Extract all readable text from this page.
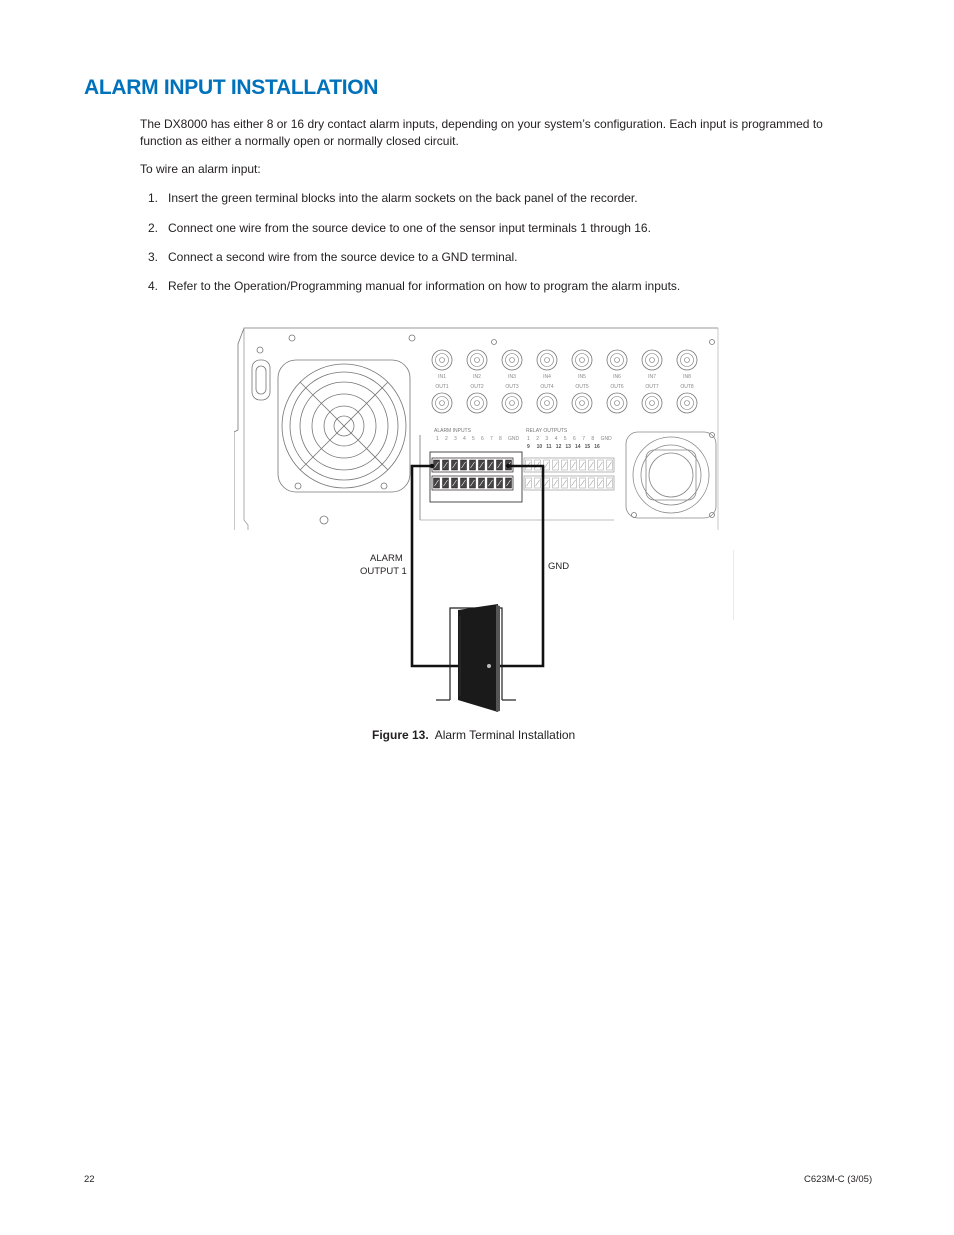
ALARM INPUT INSTALLATION

The DX8000 has either 8 or 16 dry contact alarm inputs, depending on your system’s configuration. Each input is programmed to function as either a normally open or normally closed circuit.

To wire an alarm input:

1. Insert the green terminal blocks into the alarm sockets on the back panel of the recorder.
2. Connect one wire from the source device to one of the sensor input terminals 1 through 16.
3. Connect a second wire from the source device to a GND terminal.
4. Refer to the Operation/Programming manual for information on how to program the alarm inputs.
IN1
OUT1
IN2
OUT2
IN3
OUT3
IN4
OUT4
IN5
OUT5
IN6
OUT6
IN7
OUT7
IN8
OUT8
ALARM INPUTS	RELAY OUTPUTS
1 2 3 4 5 6 7 8 GND 1 2 3 4 5 6 7 8 GND
9 10 11 12 13 14 15 16
ALARM
OUTPUT 1	GND
Figure 13. Alarm Terminal Installation
22	C623M-C (3/05)
